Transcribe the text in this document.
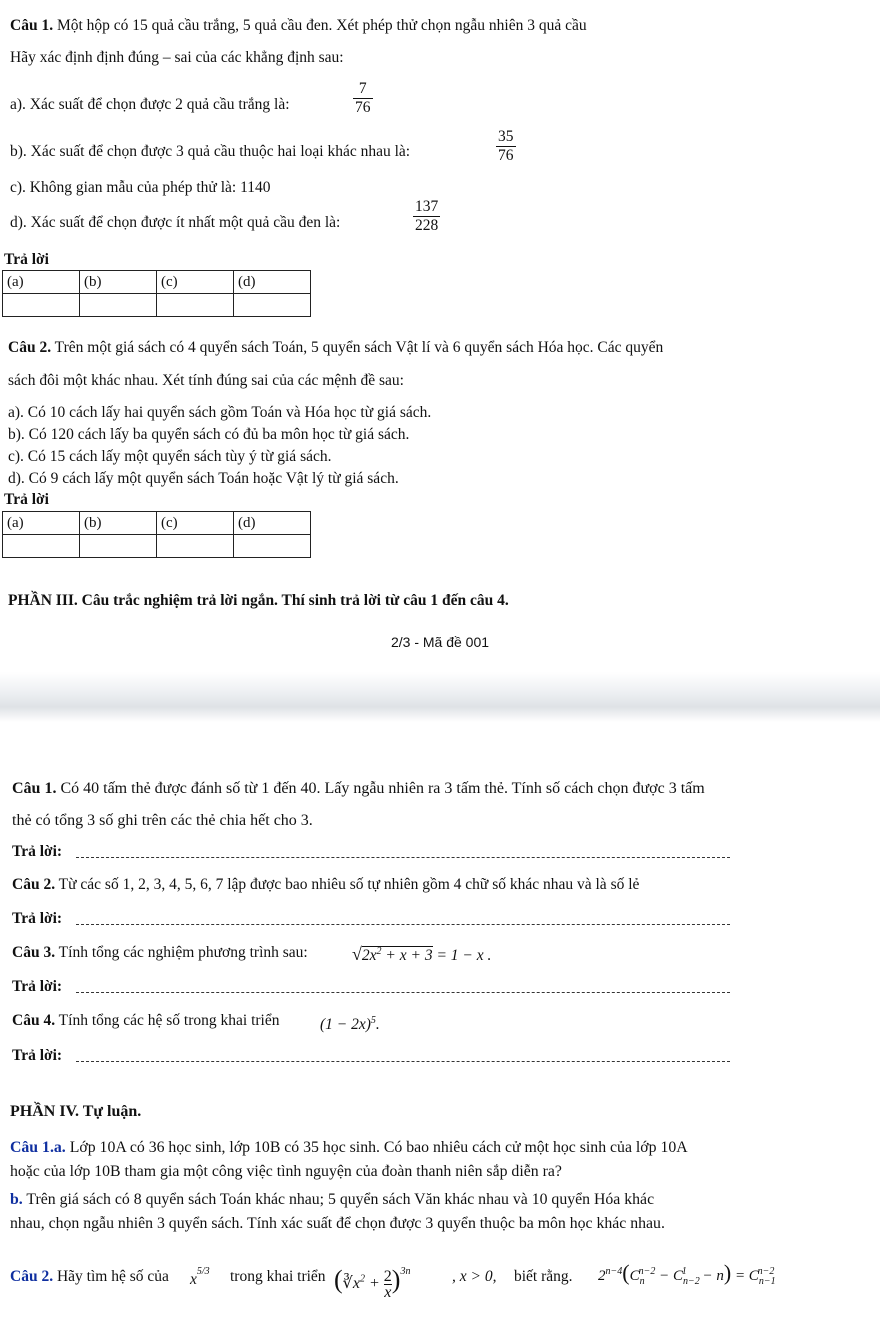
Câu 1. Một hộp có 15 quả cầu trắng, 5 quả cầu đen. Xét phép thử chọn ngẫu nhiên 3 quả cầu
Hãy xác định định đúng – sai của các khẳng định sau:
a). Xác suất để chọn được 2 quả cầu trắng là:	$\frac{7}{76}$
b). Xác suất để chọn được 3 quả cầu thuộc hai loại khác nhau là:	$\frac{35}{76}$
c). Không gian mẫu của phép thử là: 1140
d). Xác suất để chọn được ít nhất một quả cầu đen là:	$\frac{137}{228}$
Trả lời
(a)	(b)	(c)	(d)

Câu 2. Trên một giá sách có 4 quyển sách Toán, 5 quyển sách Vật lí và 6 quyển sách Hóa học. Các quyển
sách đôi một khác nhau. Xét tính đúng sai của các mệnh đề sau:
a). Có 10 cách lấy hai quyển sách gồm Toán và Hóa học từ giá sách.
b). Có 120 cách lấy ba quyển sách có đủ ba môn học từ giá sách.
c). Có 15 cách lấy một quyển sách tùy ý từ giá sách.
d). Có 9 cách lấy một quyển sách Toán hoặc Vật lý từ giá sách.
Trả lời
(a)	(b)	(c)	(d)

PHẦN III. Câu trắc nghiệm trả lời ngắn. Thí sinh trả lời từ câu 1 đến câu 4.
2/3 - Mã đề 001
Câu 1. Có 40 tấm thẻ được đánh số từ 1 đến 40. Lấy ngẫu nhiên ra 3 tấm thẻ. Tính số cách chọn được 3 tấm
thẻ có tổng 3 số ghi trên các thẻ chia hết cho 3.
Trả lời:
Câu 2. Từ các số 1, 2, 3, 4, 5, 6, 7 lập được bao nhiêu số tự nhiên gồm 4 chữ số khác nhau và là số lẻ
Trả lời:
Câu 3. Tính tổng các nghiệm phương trình sau: $√2x^2 + x + 3 = 1 - x$ .
Trả lời:
Câu 4. Tính tổng các hệ số trong khai triển	$(1 - 2x)^5$.
Trả lời:
PHẦN IV. Tự luận.
Câu 1.a. Lớp 10A có 36 học sinh, lớp 10B có 35 học sinh. Có bao nhiêu cách cử một học sinh của lớp 10A
hoặc của lớp 10B tham gia một công việc tình nguyện của đoàn thanh niên sắp diễn ra?
b. Trên giá sách có 8 quyển sách Toán khác nhau; 5 quyển sách Văn khác nhau và 10 quyển Hóa khác
nhau, chọn ngẫu nhiên 3 quyển sách. Tính xác suất để chọn được 3 quyển thuộc ba môn học khác nhau.
Câu 2. Hãy tìm hệ số của $x^{5/3}$ trong khai triển $(∛x^2 + \frac{2}{x} )^{3n}$	, x > 0, biết rằng. $2^{n-4}(C_n^{n-2} - C_{n-2}^1 - n) = C_{n-1}^{n-2}$
